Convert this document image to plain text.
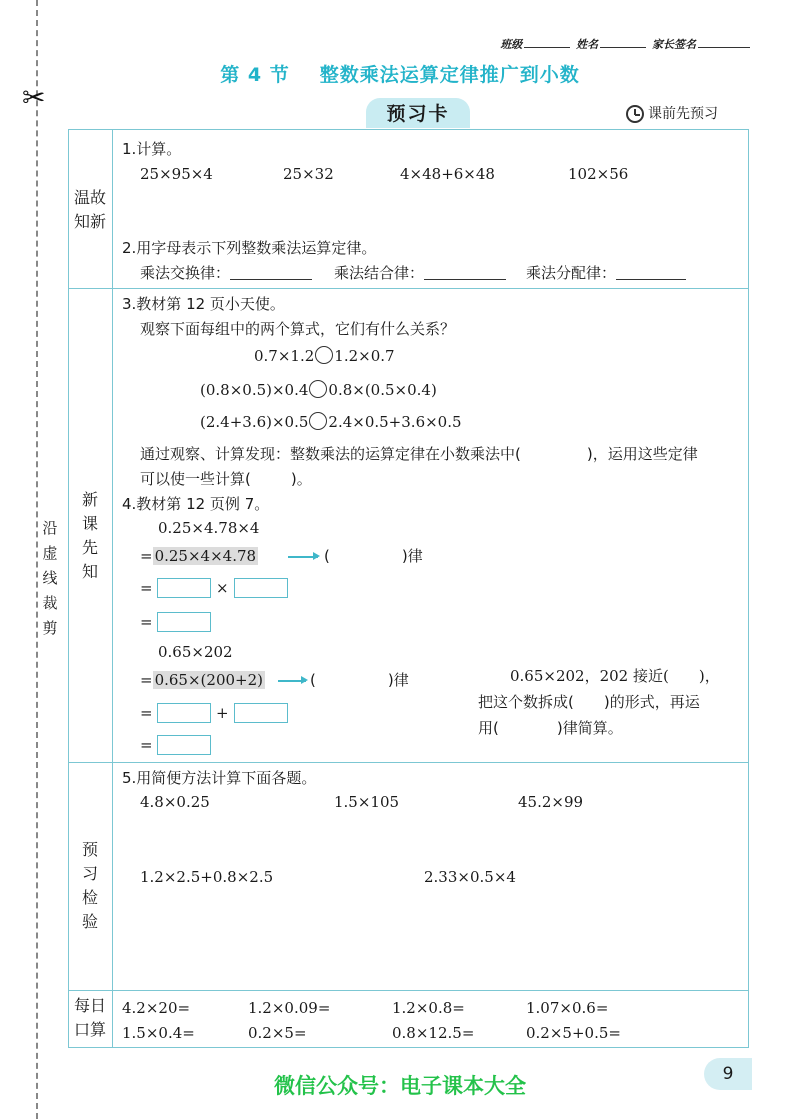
✂
沿
虚
线
裁
剪
班级	姓名	家长签名
第 4 节 整数乘法运算定律推广到小数
预习卡	课前先预习
温故
知新
新
课
先
知
预
习
检
验
每日
口算
1.计算。
25×95×4	25×32	4×48+6×48	102×56
2.用字母表示下列整数乘法运算定律。
乘法交换律：	乘法结合律：	乘法分配律：
3.教材第 12 页小天使。
观察下面每组中的两个算式，它们有什么关系？
0.7×1.2 1.2×0.7
(0.8×0.5)×0.4 0.8×(0.5×0.4)
(2.4+3.6)×0.5 2.4×0.5+3.6×0.5
通过观察、计算发现：整数乘法的运算定律在小数乘法中(	)，运用这些定律
可以使一些计算(	)。
4.教材第 12 页例 7。
0.25×4.78×4
= 0.25×4×4.78	(	)律
=	×
=
0.65×202
= 0.65×(200+2)	(	)律
=	+
=
0.65×202，202 接近( )，
把这个数拆成( )的形式，再运
用(	)律简算。
5.用简便方法计算下面各题。
4.8×0.25	1.5×105	45.2×99
1.2×2.5+0.8×2.5	2.33×0.5×4
4.2×20=	1.2×0.09=	1.2×0.8=	1.07×0.6=
1.5×0.4=	0.2×5=	0.8×12.5=	0.2×5+0.5=
微信公众号：电子课本大全	9
